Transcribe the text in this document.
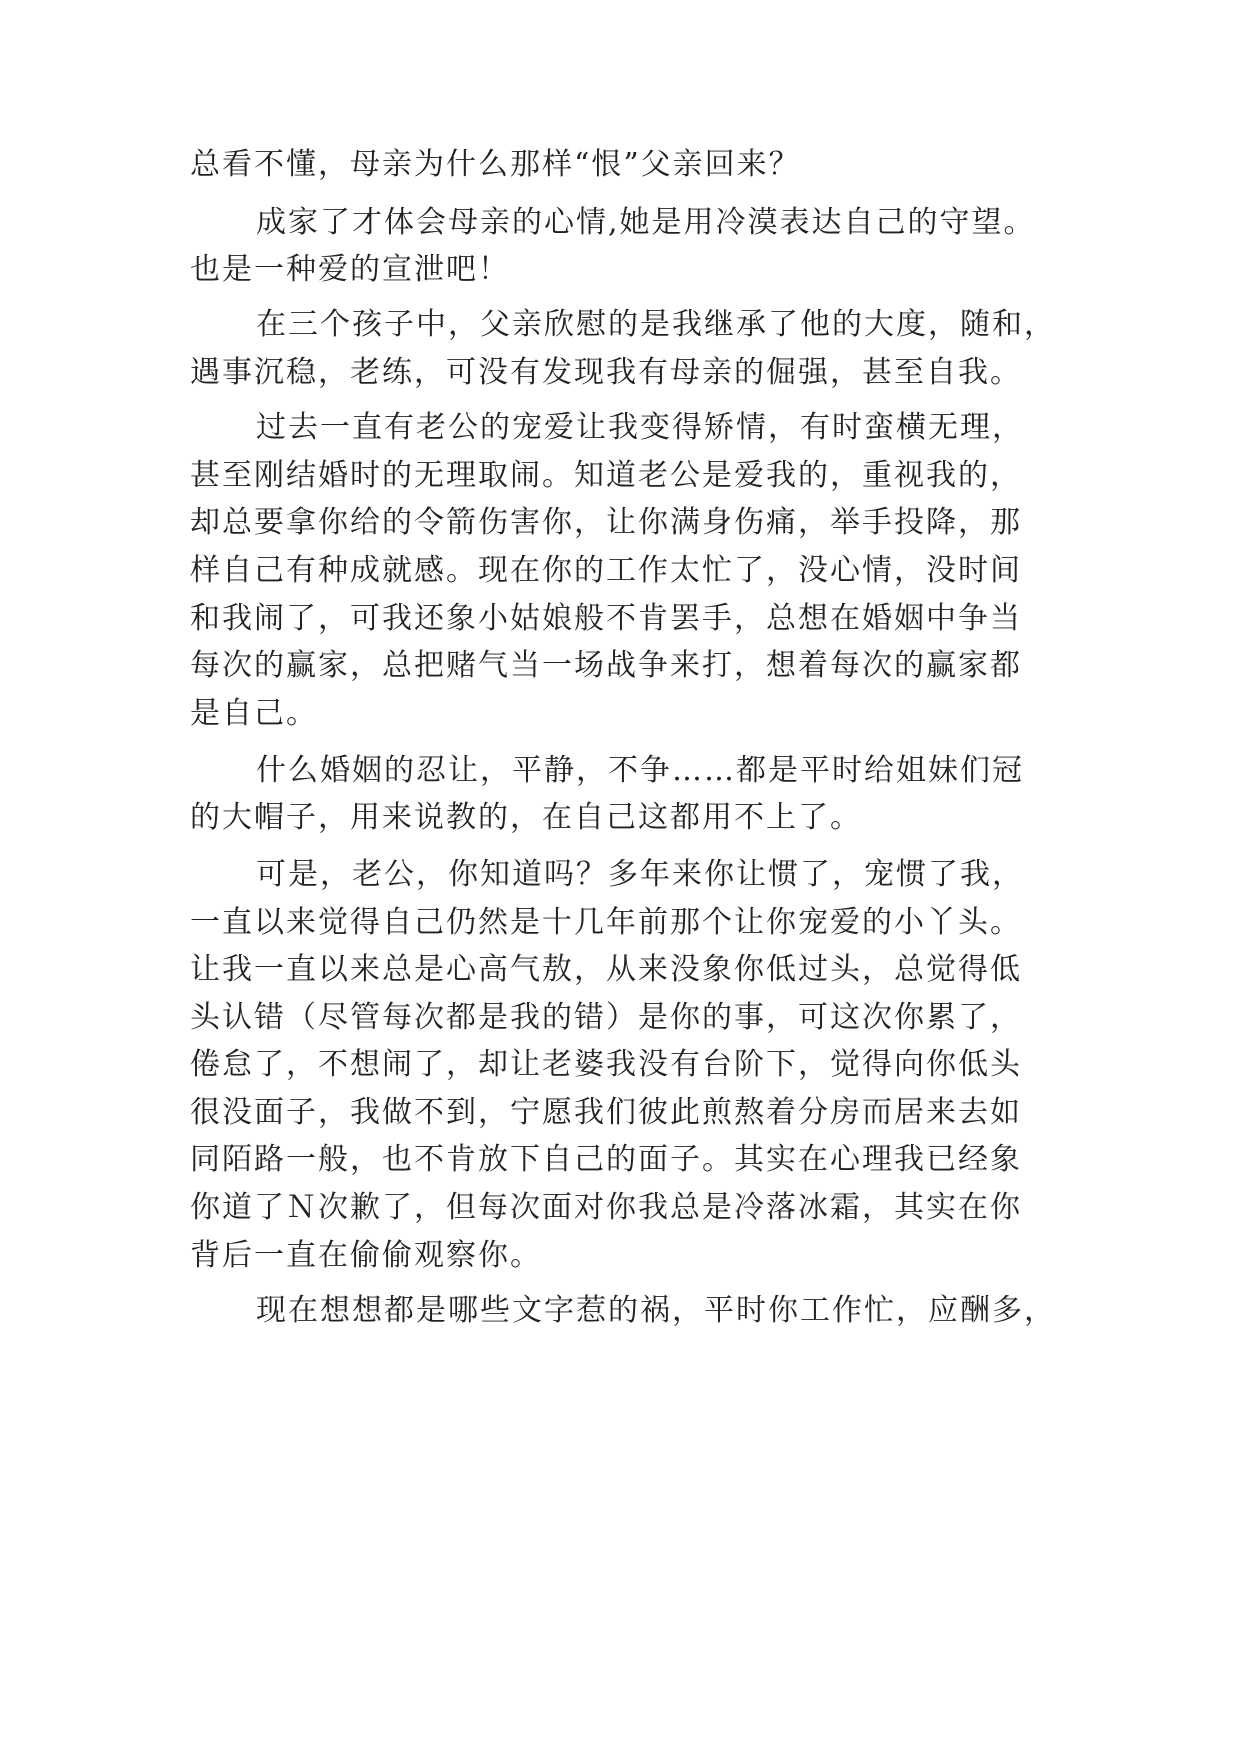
总看不懂，母亲为什么那样“恨”父亲回来？
成家了才体会母亲的心情,她是用冷漠表达自己的守望。
也是一种爱的宣泄吧！
在三个孩子中，父亲欣慰的是我继承了他的大度，随和，
遇事沉稳，老练，可没有发现我有母亲的倔强，甚至自我。
过去一直有老公的宠爱让我变得矫情，有时蛮横无理，
甚至刚结婚时的无理取闹。知道老公是爱我的，重视我的，
却总要拿你给的令箭伤害你，让你满身伤痛，举手投降，那
样自己有种成就感。现在你的工作太忙了，没心情，没时间
和我闹了，可我还象小姑娘般不肯罢手，总想在婚姻中争当
每次的赢家，总把赌气当一场战争来打，想着每次的赢家都
是自己。
什么婚姻的忍让，平静，不争……都是平时给姐妹们冠
的大帽子，用来说教的，在自己这都用不上了。
可是，老公，你知道吗？多年来你让惯了，宠惯了我，
一直以来觉得自己仍然是十几年前那个让你宠爱的小丫头。
让我一直以来总是心高气敖，从来没象你低过头，总觉得低
头认错（尽管每次都是我的错）是你的事，可这次你累了，
倦怠了，不想闹了，却让老婆我没有台阶下，觉得向你低头
很没面子，我做不到，宁愿我们彼此煎熬着分房而居来去如
同陌路一般，也不肯放下自己的面子。其实在心理我已经象
你道了Ｎ次歉了，但每次面对你我总是冷落冰霜，其实在你
背后一直在偷偷观察你。
现在想想都是哪些文字惹的祸，平时你工作忙，应酬多，
